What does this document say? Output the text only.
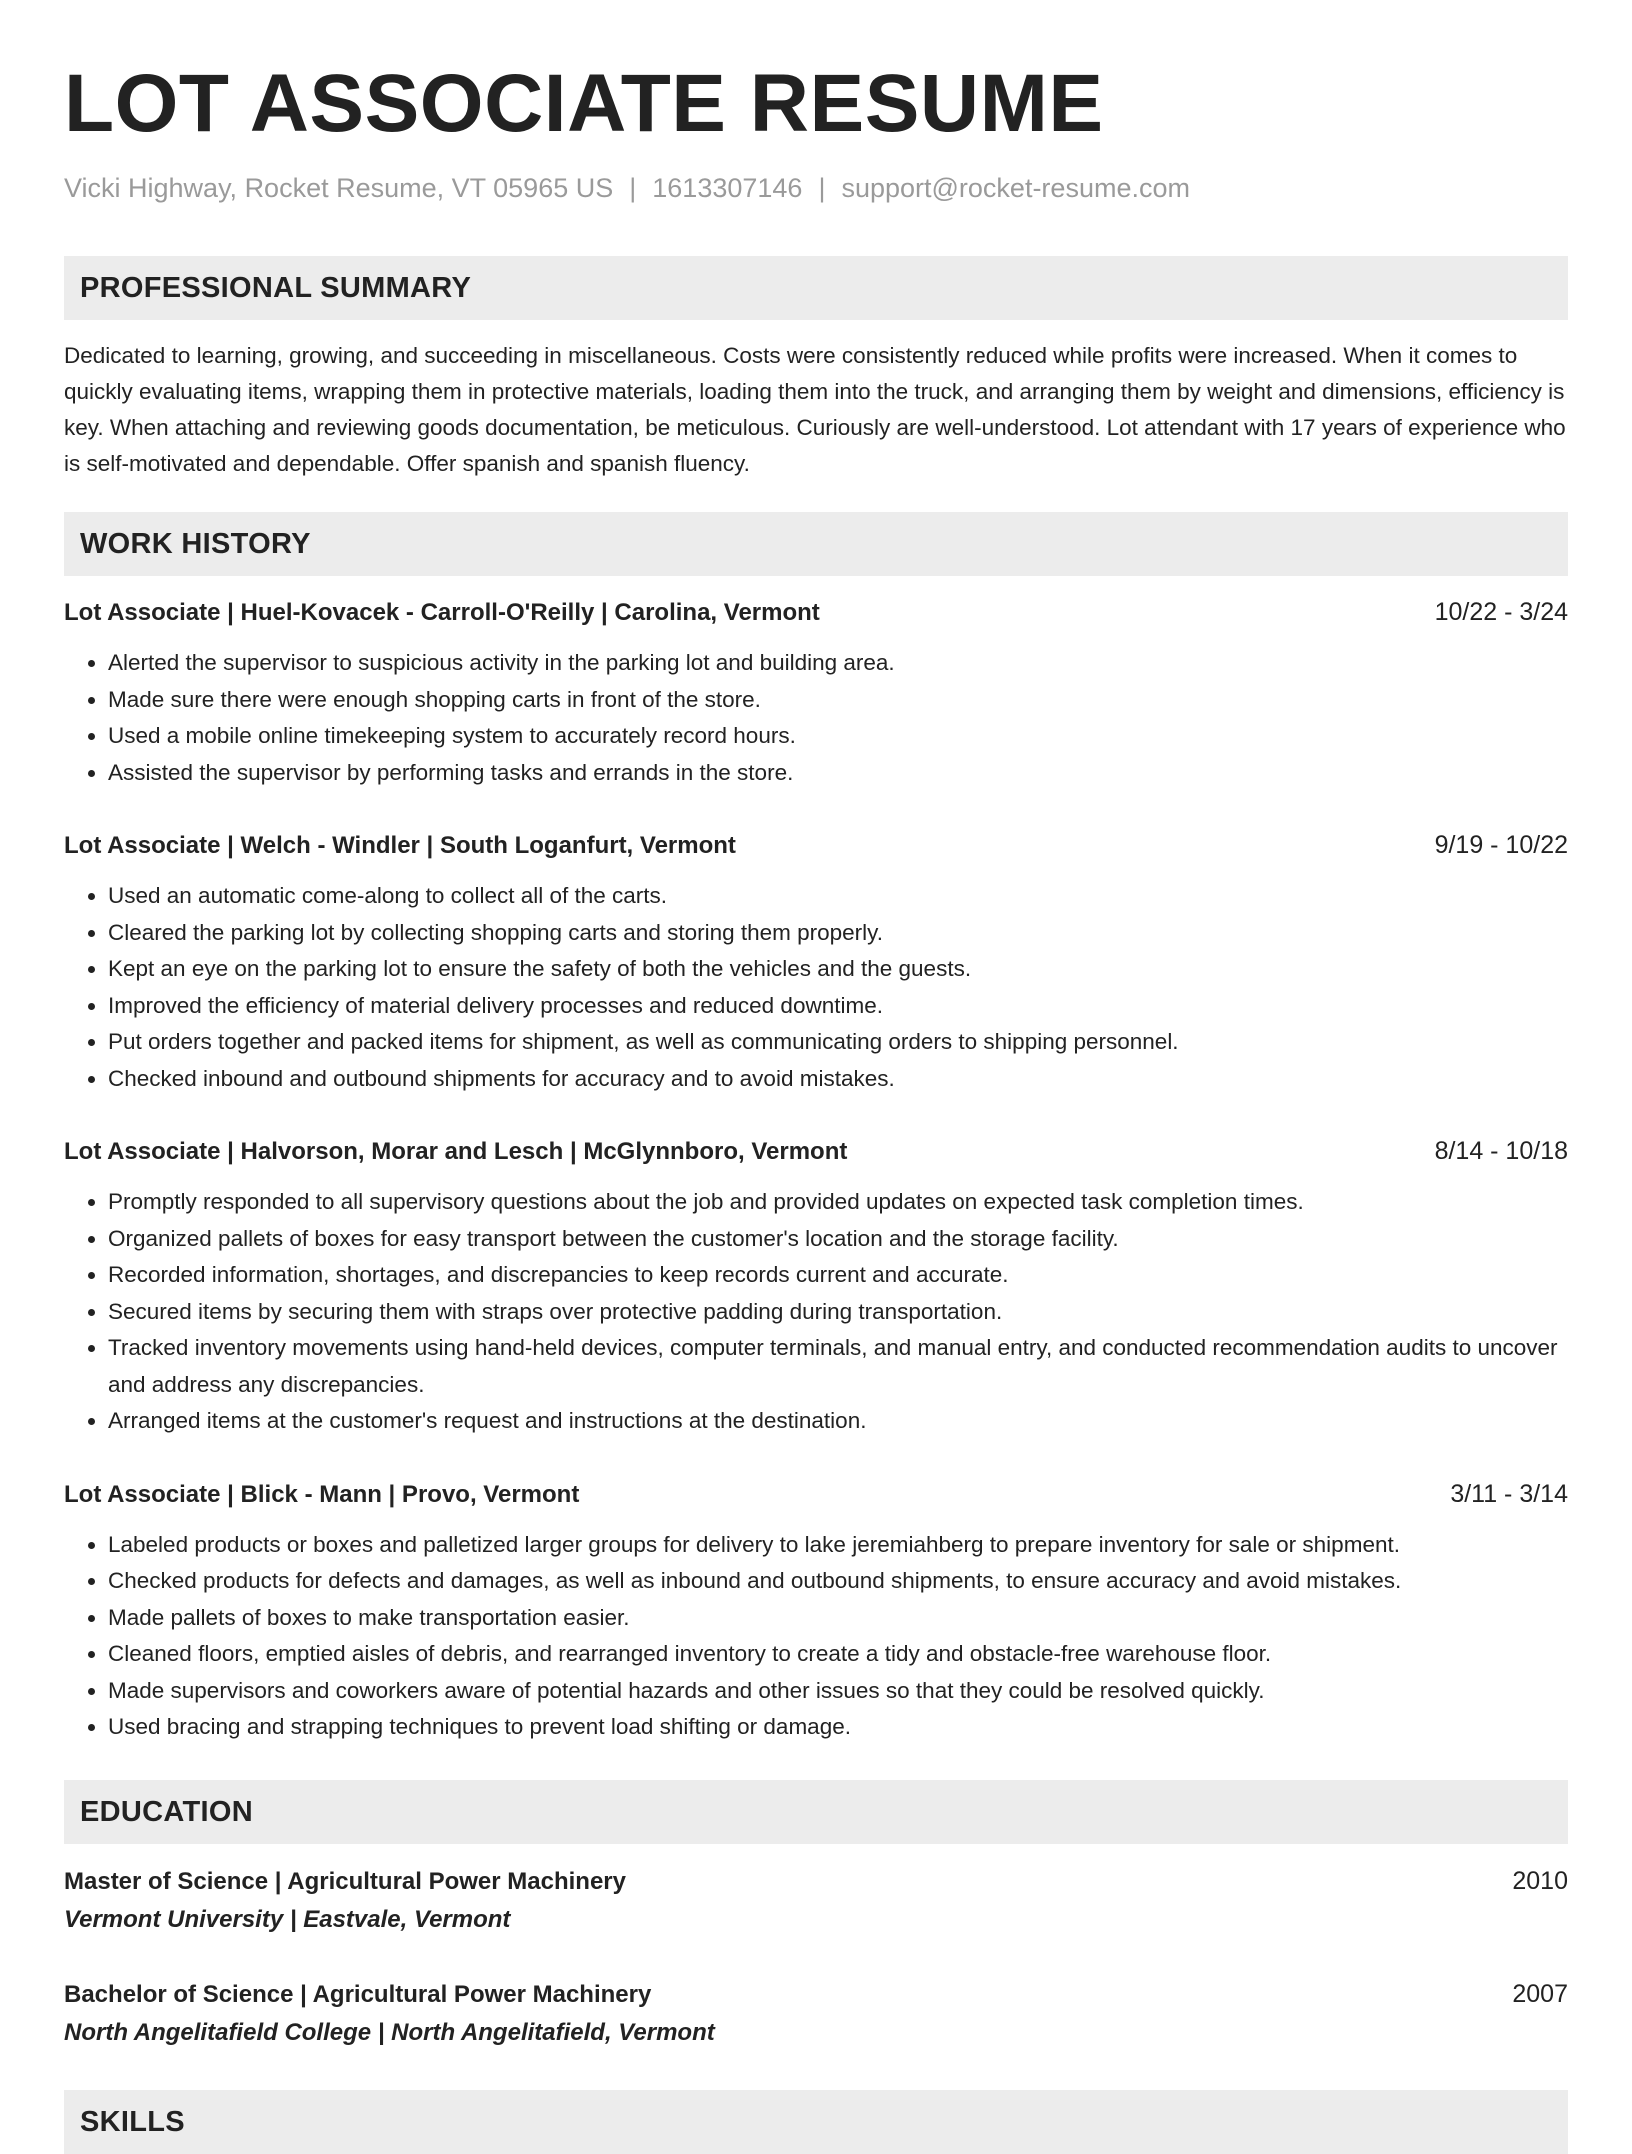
LOT ASSOCIATE RESUME
Vicki Highway, Rocket Resume, VT 05965 US | 1613307146 | support@rocket-resume.com
PROFESSIONAL SUMMARY

Dedicated to learning, growing, and succeeding in miscellaneous. Costs were consistently reduced while profits were increased. When it comes to quickly evaluating items, wrapping them in protective materials, loading them into the truck, and arranging them by weight and dimensions, efficiency is key. When attaching and reviewing goods documentation, be meticulous. Curiously are well-understood. Lot attendant with 17 years of experience who is self-motivated and dependable. Offer spanish and spanish fluency.

WORK HISTORY
Lot Associate | Huel-Kovacek - Carroll-O'Reilly | Carolina, Vermont	10/22 - 3/24
• Alerted the supervisor to suspicious activity in the parking lot and building area.
• Made sure there were enough shopping carts in front of the store.
• Used a mobile online timekeeping system to accurately record hours.
• Assisted the supervisor by performing tasks and errands in the store.
Lot Associate | Welch - Windler | South Loganfurt, Vermont	9/19 - 10/22
• Used an automatic come-along to collect all of the carts.
• Cleared the parking lot by collecting shopping carts and storing them properly.
• Kept an eye on the parking lot to ensure the safety of both the vehicles and the guests.
• Improved the efficiency of material delivery processes and reduced downtime.
• Put orders together and packed items for shipment, as well as communicating orders to shipping personnel.
• Checked inbound and outbound shipments for accuracy and to avoid mistakes.
Lot Associate | Halvorson, Morar and Lesch | McGlynnboro, Vermont	8/14 - 10/18
• Promptly responded to all supervisory questions about the job and provided updates on expected task completion times.
• Organized pallets of boxes for easy transport between the customer's location and the storage facility.
• Recorded information, shortages, and discrepancies to keep records current and accurate.
• Secured items by securing them with straps over protective padding during transportation.
• Tracked inventory movements using hand-held devices, computer terminals, and manual entry, and conducted recommendation audits to uncover and address any discrepancies.
• Arranged items at the customer's request and instructions at the destination.
Lot Associate | Blick - Mann | Provo, Vermont	3/11 - 3/14
• Labeled products or boxes and palletized larger groups for delivery to lake jeremiahberg to prepare inventory for sale or shipment.
• Checked products for defects and damages, as well as inbound and outbound shipments, to ensure accuracy and avoid mistakes.
• Made pallets of boxes to make transportation easier.
• Cleaned floors, emptied aisles of debris, and rearranged inventory to create a tidy and obstacle-free warehouse floor.
• Made supervisors and coworkers aware of potential hazards and other issues so that they could be resolved quickly.
• Used bracing and strapping techniques to prevent load shifting or damage.
EDUCATION
Master of Science | Agricultural Power Machinery	2010
Vermont University | Eastvale, Vermont
Bachelor of Science | Agricultural Power Machinery	2007
North Angelitafield College | North Angelitafield, Vermont
SKILLS
